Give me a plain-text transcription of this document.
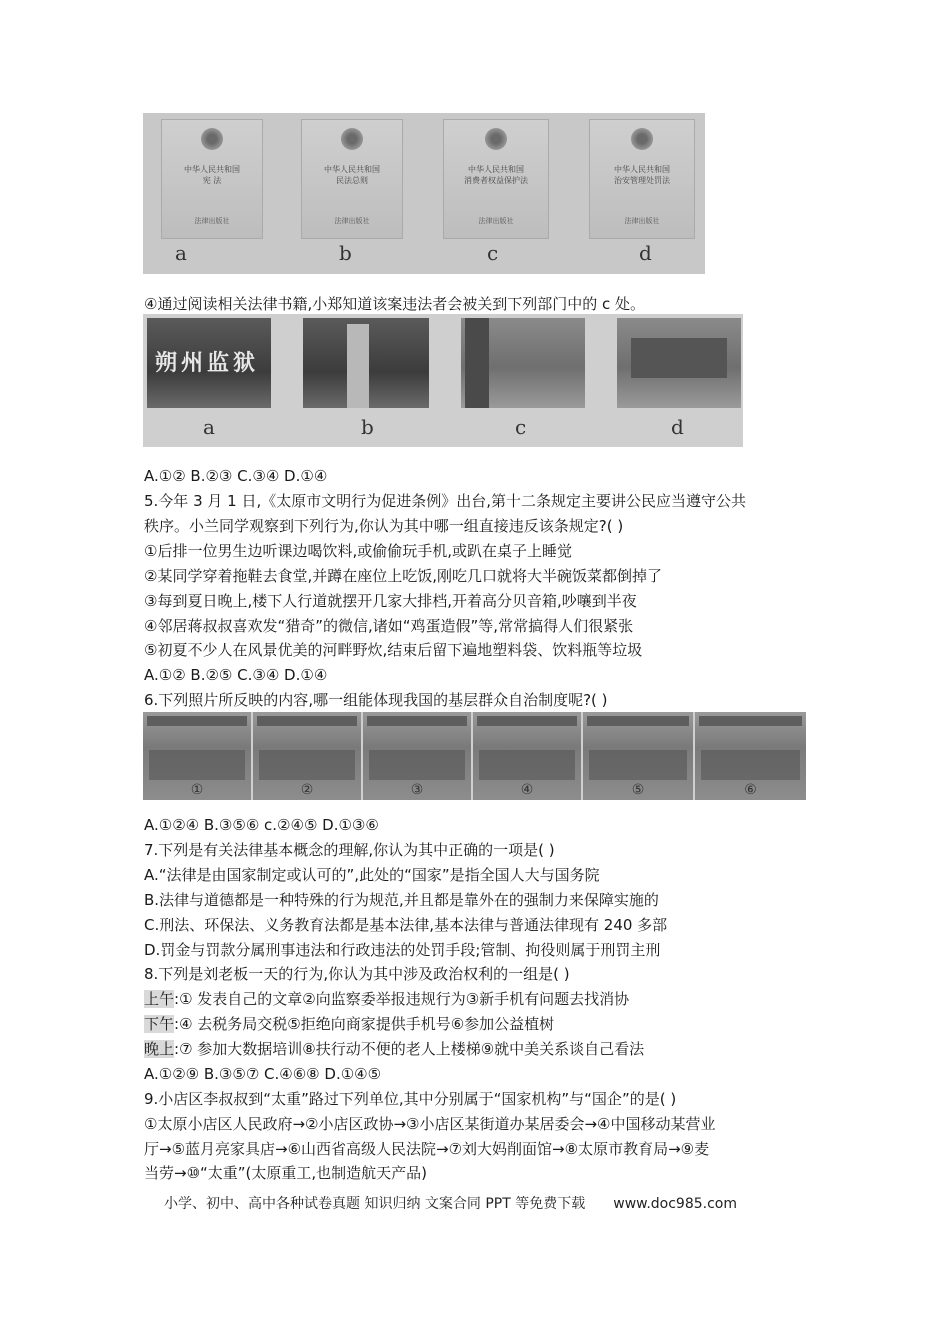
中华人民共和国
宪 法
法律出版社
中华人民共和国
民法总则
法律出版社
中华人民共和国
消费者权益保护法
法律出版社
中华人民共和国
治安管理处罚法
法律出版社
a	b	c	d
④通过阅读相关法律书籍,小郑知道该案违法者会被关到下列部门中的 c 处。
朔州监狱
a	b	c	d
A.①② B.②③ C.③④ D.①④
5.今年 3 月 1 日,《太原市文明行为促进条例》出台,第十二条规定主要讲公民应当遵守公共
秩序。小兰同学观察到下列行为,你认为其中哪一组直接违反该条规定?( )
①后排一位男生边听课边喝饮料,或偷偷玩手机,或趴在桌子上睡觉
②某同学穿着拖鞋去食堂,并蹲在座位上吃饭,刚吃几口就将大半碗饭菜都倒掉了
③每到夏日晚上,楼下人行道就摆开几家大排档,开着高分贝音箱,吵嚷到半夜
④邻居蒋叔叔喜欢发“猎奇”的微信,诸如“鸡蛋造假”等,常常搞得人们很紧张
⑤初夏不少人在风景优美的河畔野炊,结束后留下遍地塑料袋、饮料瓶等垃圾
A.①② B.②⑤ C.③④ D.①④
6.下列照片所反映的内容,哪一组能体现我国的基层群众自治制度呢?( )
①	②	③	④	⑤	⑥
A.①②④ B.③⑤⑥ c.②④⑤ D.①③⑥
7.下列是有关法律基本概念的理解,你认为其中正确的一项是( )
A.“法律是由国家制定或认可的”,此处的“国家”是指全国人大与国务院
B.法律与道德都是一种特殊的行为规范,并且都是靠外在的强制力来保障实施的
C.刑法、环保法、义务教育法都是基本法律,基本法律与普通法律现有 240 多部
D.罚金与罚款分属刑事违法和行政违法的处罚手段;管制、拘役则属于刑罚主刑
8.下列是刘老板一天的行为,你认为其中涉及政治权利的一组是( )
上午:① 发表自己的文章②向监察委举报违规行为③新手机有问题去找消协
下午:④ 去税务局交税⑤拒绝向商家提供手机号⑥参加公益植树
晚上:⑦ 参加大数据培训⑧扶行动不便的老人上楼梯⑨就中美关系谈自己看法
A.①②⑨ B.③⑤⑦ C.④⑥⑧ D.①④⑤
9.小店区李叔叔到“太重”路过下列单位,其中分别属于“国家机构”与“国企”的是( )
①太原小店区人民政府→②小店区政协→③小店区某街道办某居委会→④中国移动某营业
厅→⑤蓝月亮家具店→⑥山西省高级人民法院→⑦刘大妈削面馆→⑧太原市教育局→⑨麦
当劳→⑩“太重”(太原重工,也制造航天产品)
小学、初中、高中各种试卷真题 知识归纳 文案合同 PPT 等免费下载 www.doc985.com
